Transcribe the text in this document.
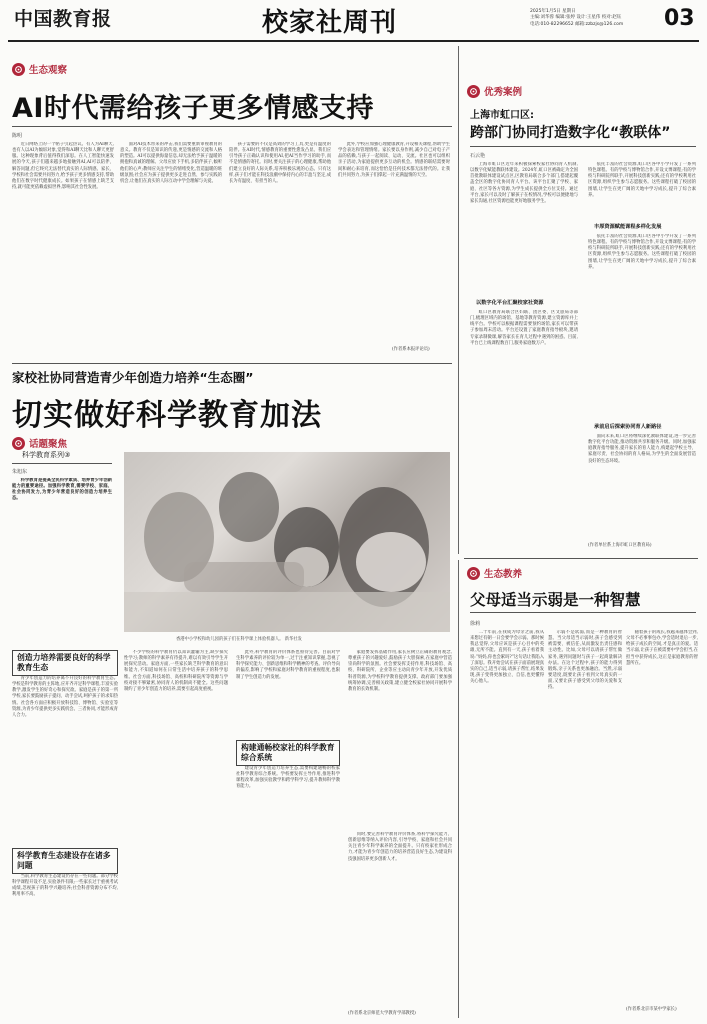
中国教育报	校家社周刊	2025年1月5日 星期日
主编:刘华蓉 编辑:张婷 设计:王星伟 校对:赵钰
电话:010-82296652 邮箱:zzbzjs@126.com 03
生态观察
AI时代需给孩子更多情感支持
陈明
近日网络上的一个帖子引起热议。有人为AI聊天,也有人以AI为倾诉对象,觉得和AI聊天比和人聊天更舒服。这种现象背后值得我们深思。在人工智能快速发展的今天,孩子们越来越多地接触到AI,AI可以陪伴、解答问题,但它终究无法替代真实的人际情感。家长、学校和社会需要共同努力,给予孩子更多情感支持,帮助他们在数字时代健康成长。如果孩子在情感上缺乏支持,就可能更依赖虚拟世界,影响其社会性发展。
面对AI技术带来的冲击,我们需要重新审视教育的意义。教育不仅是知识的传递,更是情感的交流和人格的塑造。AI可以提供海量信息,却无法给予孩子温暖的拥抱和真诚的理解。父母应放下手机,多陪伴孩子,倾听他们的心声;教师应关注学生的情绪变化,营造温暖的班级氛围;社会应为孩子提供更多走进自然、参与实践的机会,让他们在真实的人际互动中学会理解与关爱。
孩子需要的不仅是高效的学习工具,更是有温度的陪伴。在AI时代,情感教育的重要性愈发凸显。我们应引导孩子正确认识和使用AI,把AI当作学习的助手,而不是情感的寄托。同时,要关注孩子的心理健康,帮助他们建立良好的人际关系,培养积极乐观的心态。只有这样,孩子们才能在科技浪潮中保持内心的丰盈与坚定,成长为有温度、有担当的人。
此外,学校应加强心理健康教育,开设相关课程,帮助学生学会表达和管理情绪。家长要以身作则,减少自己对电子产品的依赖,与孩子一起阅读、运动、交流。社区也可以组织亲子活动,为家庭提供更多互动的机会。情感的联结需要时间和耐心来培育,而这恰恰是任何技术都无法替代的。让我们共同努力,为孩子们撑起一片充满温情的天空。
(作者系本报评论员)
优秀案例
上海市虹口区:
跨部门协同打造数字化“教联体”
石云艳
上海市虹口区近年来积极探索校家社协同育人机制,以数字化赋能教联体建设。2024年,虹口区被确定为全国首批教联体建设试点区,区教育局联合多个部门,搭建起覆盖全区的数字化协同育人平台。该平台汇聚了学校、家庭、社区等各方资源,为学生成长提供全方位支持。通过平台,家长可以及时了解孩子在校情况,学校可以便捷地与家长沟通,社区资源也能更好地服务学生。
以数字化平台汇聚校家社资源
虹口区教育局联合区妇联、团区委、区文旅局等部门,梳理区域内的场馆、基地等教育资源,建立资源库并上线平台。学校可以根据课程需要预约场馆,家长可以带孩子参加周末活动。平台还设置了家庭教育指导板块,邀请专家录制微课,解答家长在育儿过程中遇到的困惑。目前,平台已上线课程数百门,服务家庭数万户。
依托丰富的社会资源,虹口区各中小学开发了一系列特色课程。有的学校与博物馆合作,开设文博课程;有的学校与科研院所联手,开展科技创新实践;还有的学校利用社区资源,组织学生参与志愿服务。这些课程打破了校园的围墙,让学生在更广阔的天地中学习成长,提升了综合素养。
丰厚资源赋能课程多样化发展
依托丰富的社会资源,虹口区各中小学开发了一系列特色课程。有的学校与博物馆合作,开设文博课程;有的学校与科研院所联手,开展科技创新实践;还有的学校利用社区资源,组织学生参与志愿服务。这些课程打破了校园的围墙,让学生在更广阔的天地中学习成长,提升了综合素养。
承前启后探索协同育人新路径
面向未来,虹口区将继续深化教联体建设,进一步完善数字化平台功能,推动资源共享和服务升级。同时,加强家庭教育指导服务,提升家长的育人能力,构建起学校主导、家庭尽责、社会协同的育人格局,为学生的全面发展营造良好的生态环境。
(作者单位系上海市虹口区教育局)
家校社协同营造青少年创造力培养“生态圈”
切实做好科学教育加法
话题聚焦
科学教育系列③
朱旭东
科学教育是提高全民科学素质、培养青少年创新能力的重要途径。加强科学教育,需要学校、家庭、社会协同发力,为青少年营造良好的创造力培养生态。
香港中小学校和幼儿园的孩子们在科学课上体验机器人。 新华社发
创造力培养需要良好的科学教育生态
青少年创造力的培养离不开良好的科学教育生态。学校是科学教育的主阵地,应开齐开足科学课程,丰富实验教学,激发学生的好奇心和探究欲。家庭是孩子的第一所学校,家长要鼓励孩子提问、动手尝试,呵护孩子的求知热情。社会各方面应积极开放科技馆、博物馆、实验室等资源,为青少年提供更多实践机会。三者协同,才能形成育人合力。
科学教育生态建设存在诸多问题
当前,科学教育生态建设仍存在一些问题。部分学校科学课程开设不足,实验条件有限;一些家长过于重视考试成绩,忽视孩子的科学兴趣培养;社会科普资源分布不均,利用率不高。
不少学校的科学教育仍以知识灌输为主,缺少探究性学习;教师的科学素养有待提升,难以有效引导学生开展探究活动。家庭方面,一些家长缺乏科学教育的意识和能力,不知道如何在日常生活中培养孩子的科学思维。社会方面,科技场馆、高校和科研院所等资源与学校对接不够紧密,协同育人的机制尚不健全。这些问题制约了青少年创造力的培养,需要引起高度重视。
此外,科学教育的评价体系也亟待完善。目前对学生科学素养的评价较为单一,过于注重知识掌握,忽视了科学探究能力、创新思维和科学精神的考查。评价导向的偏差,影响了学校和家庭对科学教育的重视程度,也限制了学生创造力的发展。
构建通畅校家社的科学教育综合系统
建设青少年创造力培养生态,需要构建通畅的校家社科学教育综合系统。学校要发挥主导作用,推进科学课程改革,加强实验教学和跨学科学习,提升教师科学教育能力。
家庭要发挥基础作用,家长应树立正确的教育观念,尊重孩子的兴趣爱好,鼓励孩子大胆探索,在家庭中营造崇尚科学的氛围。社会要发挥支持作用,科技场馆、高校、科研院所、企业等应主动向青少年开放,开发优质科普资源,为学校科学教育提供支撑。政府部门要加强统筹协调,完善相关政策,建立健全校家社协同开展科学教育的长效机制。
同时,要完善科学教育评价体系,将科学探究能力、创新思维等纳入评价内容,引导学校、家庭和社会共同关注青少年科学素养的全面提升。只有校家社形成合力,才能为青少年创造力的培养营造良好生态,为建设科技强国培养更多创新人才。
(作者系北京师范大学教育学部教授)
生态教养
父母适当示弱是一种智慧
徐莉
二十年前,在我成为母亲之前,我从来想过有朝一日会要学会示弱。那时候我总觉得,父母应该是孩子心目中的英雄,无所不能。直到有一天,孩子看着我说:“妈妈,你也会累吗?”这句话让我陷入了深思。我开始尝试在孩子面前展现真实的自己,适当示弱,请孩子帮忙,结果发现,孩子变得更加独立、自信,也更懂得关心他人。
示弱不是软弱,而是一种教育的智慧。当父母适当示弱时,孩子会感受到被需要、被信任,从而激发出责任感和主动性。比如,父母可以请孩子帮忙做家务,遇到问题时与孩子一起商量解决办法。在这个过程中,孩子的能力得到锻炼,亲子关系也更加融洽。当然,示弱要适度,既要让孩子看到父母真实的一面,又要让孩子感受到父母的关爱和支持。
随着孩子的成长,我越来越体会到,父母不必事事包办,学会适时退后一步,给孩子成长的空间,才是真正的爱。适当示弱,让孩子在被需要中学会担当,在担当中获得成长,这正是家庭教育的智慧所在。
(作者系北京市某中学家长)
